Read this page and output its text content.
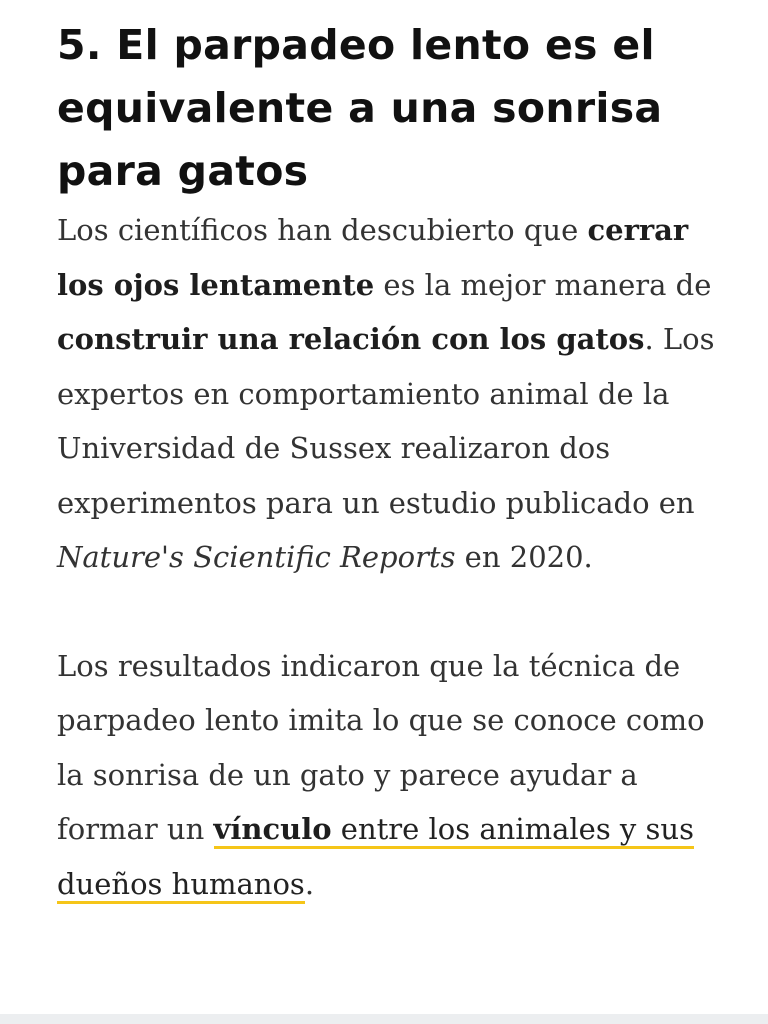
5. El parpadeo lento es el equivalente a una sonrisa para gatos

Los científicos han descubierto que cerrar los ojos lentamente es la mejor manera de construir una relación con los gatos. Los expertos en comportamiento animal de la Universidad de Sussex realizaron dos experimentos para un estudio publicado en Nature's Scientific Reports en 2020.

Los resultados indicaron que la técnica de parpadeo lento imita lo que se conoce como la sonrisa de un gato y parece ayudar a formar un vínculo entre los animales y sus dueños humanos.
